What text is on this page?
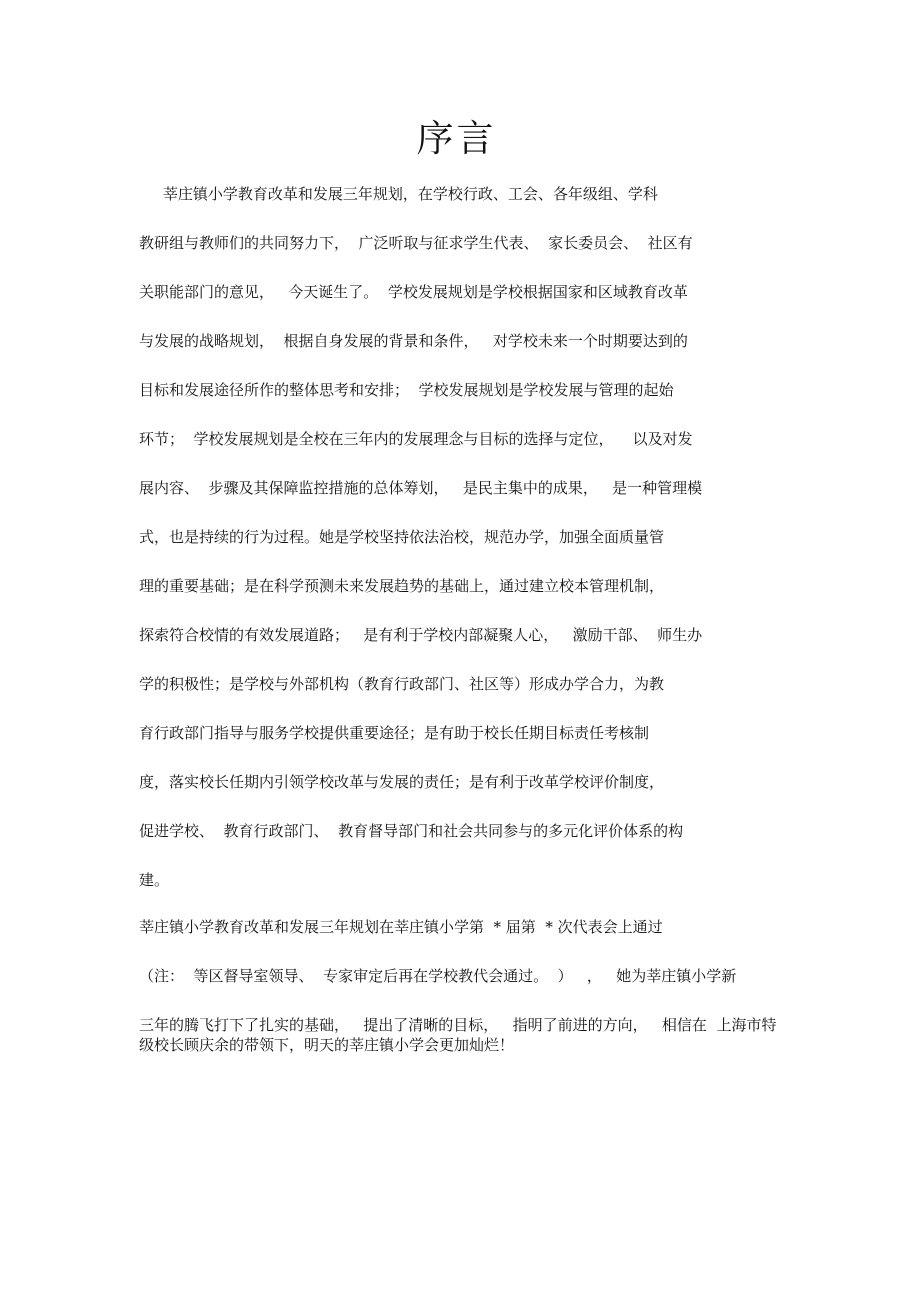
序言
莘庄镇小学教育改革和发展三年规划，在学校行政、工会、各年级组、学科
教研组与教师们的共同努力下，  广泛听取与征求学生代表、  家长委员会、  社区有
关职能部门的意见，   今天诞生了。  学校发展规划是学校根据国家和区域教育改革
与发展的战略规划，  根据自身发展的背景和条件，   对学校未来一个时期要达到的
目标和发展途径所作的整体思考和安排；  学校发展规划是学校发展与管理的起始
环节；  学校发展规划是全校在三年内的发展理念与目标的选择与定位，    以及对发
展内容、  步骤及其保障监控措施的总体筹划，   是民主集中的成果，   是一种管理模
式，也是持续的行为过程。她是学校坚持依法治校，规范办学，加强全面质量管
理的重要基础；是在科学预测未来发展趋势的基础上，通过建立校本管理机制，
探索符合校情的有效发展道路；   是有利于学校内部凝聚人心，   激励干部、  师生办
学的积极性；是学校与外部机构（教育行政部门、社区等）形成办学合力，为教
育行政部门指导与服务学校提供重要途径；是有助于校长任期目标责任考核制
度，落实校长任期内引领学校改革与发展的责任；是有利于改革学校评价制度，
促进学校、  教育行政部门、  教育督导部门和社会共同参与的多元化评价体系的构
建。
莘庄镇小学教育改革和发展三年规划在莘庄镇小学第  * 届第  * 次代表会上通过
（注：  等区督导室领导、  专家审定后再在学校教代会通过。  ）   ，   她为莘庄镇小学新
三年的腾飞打下了扎实的基础，   提出了清晰的目标，   指明了前进的方向，   相信在  上海市特
级校长顾庆余的带领下，明天的莘庄镇小学会更加灿烂！
